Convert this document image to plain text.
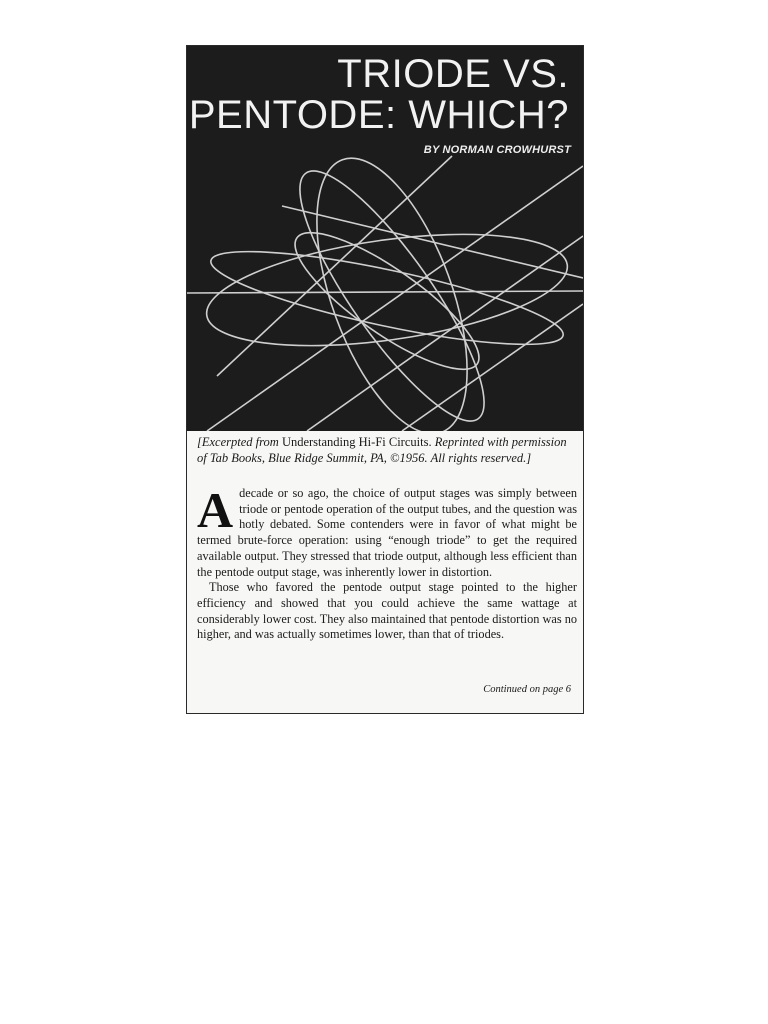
TRIODE VS.
PENTODE: WHICH?
BY NORMAN CROWHURST
[Excerpted from Understanding Hi-Fi Circuits. Reprinted with permission of Tab Books, Blue Ridge Summit, PA, ©1956. All rights reserved.]

Adecade or so ago, the choice of output stages was simply between triode or pentode operation of the output tubes, and the question was hotly debated. Some contenders were in favor of what might be termed brute-force operation: using “enough triode” to get the required available output. They stressed that triode output, although less efficient than the pentode output stage, was inherently lower in distortion.

Those who favored the pentode output stage pointed to the higher efficiency and showed that you could achieve the same wattage at considerably lower cost. They also maintained that pentode distortion was no higher, and was actually sometimes lower, than that of triodes.

Continued on page 6
